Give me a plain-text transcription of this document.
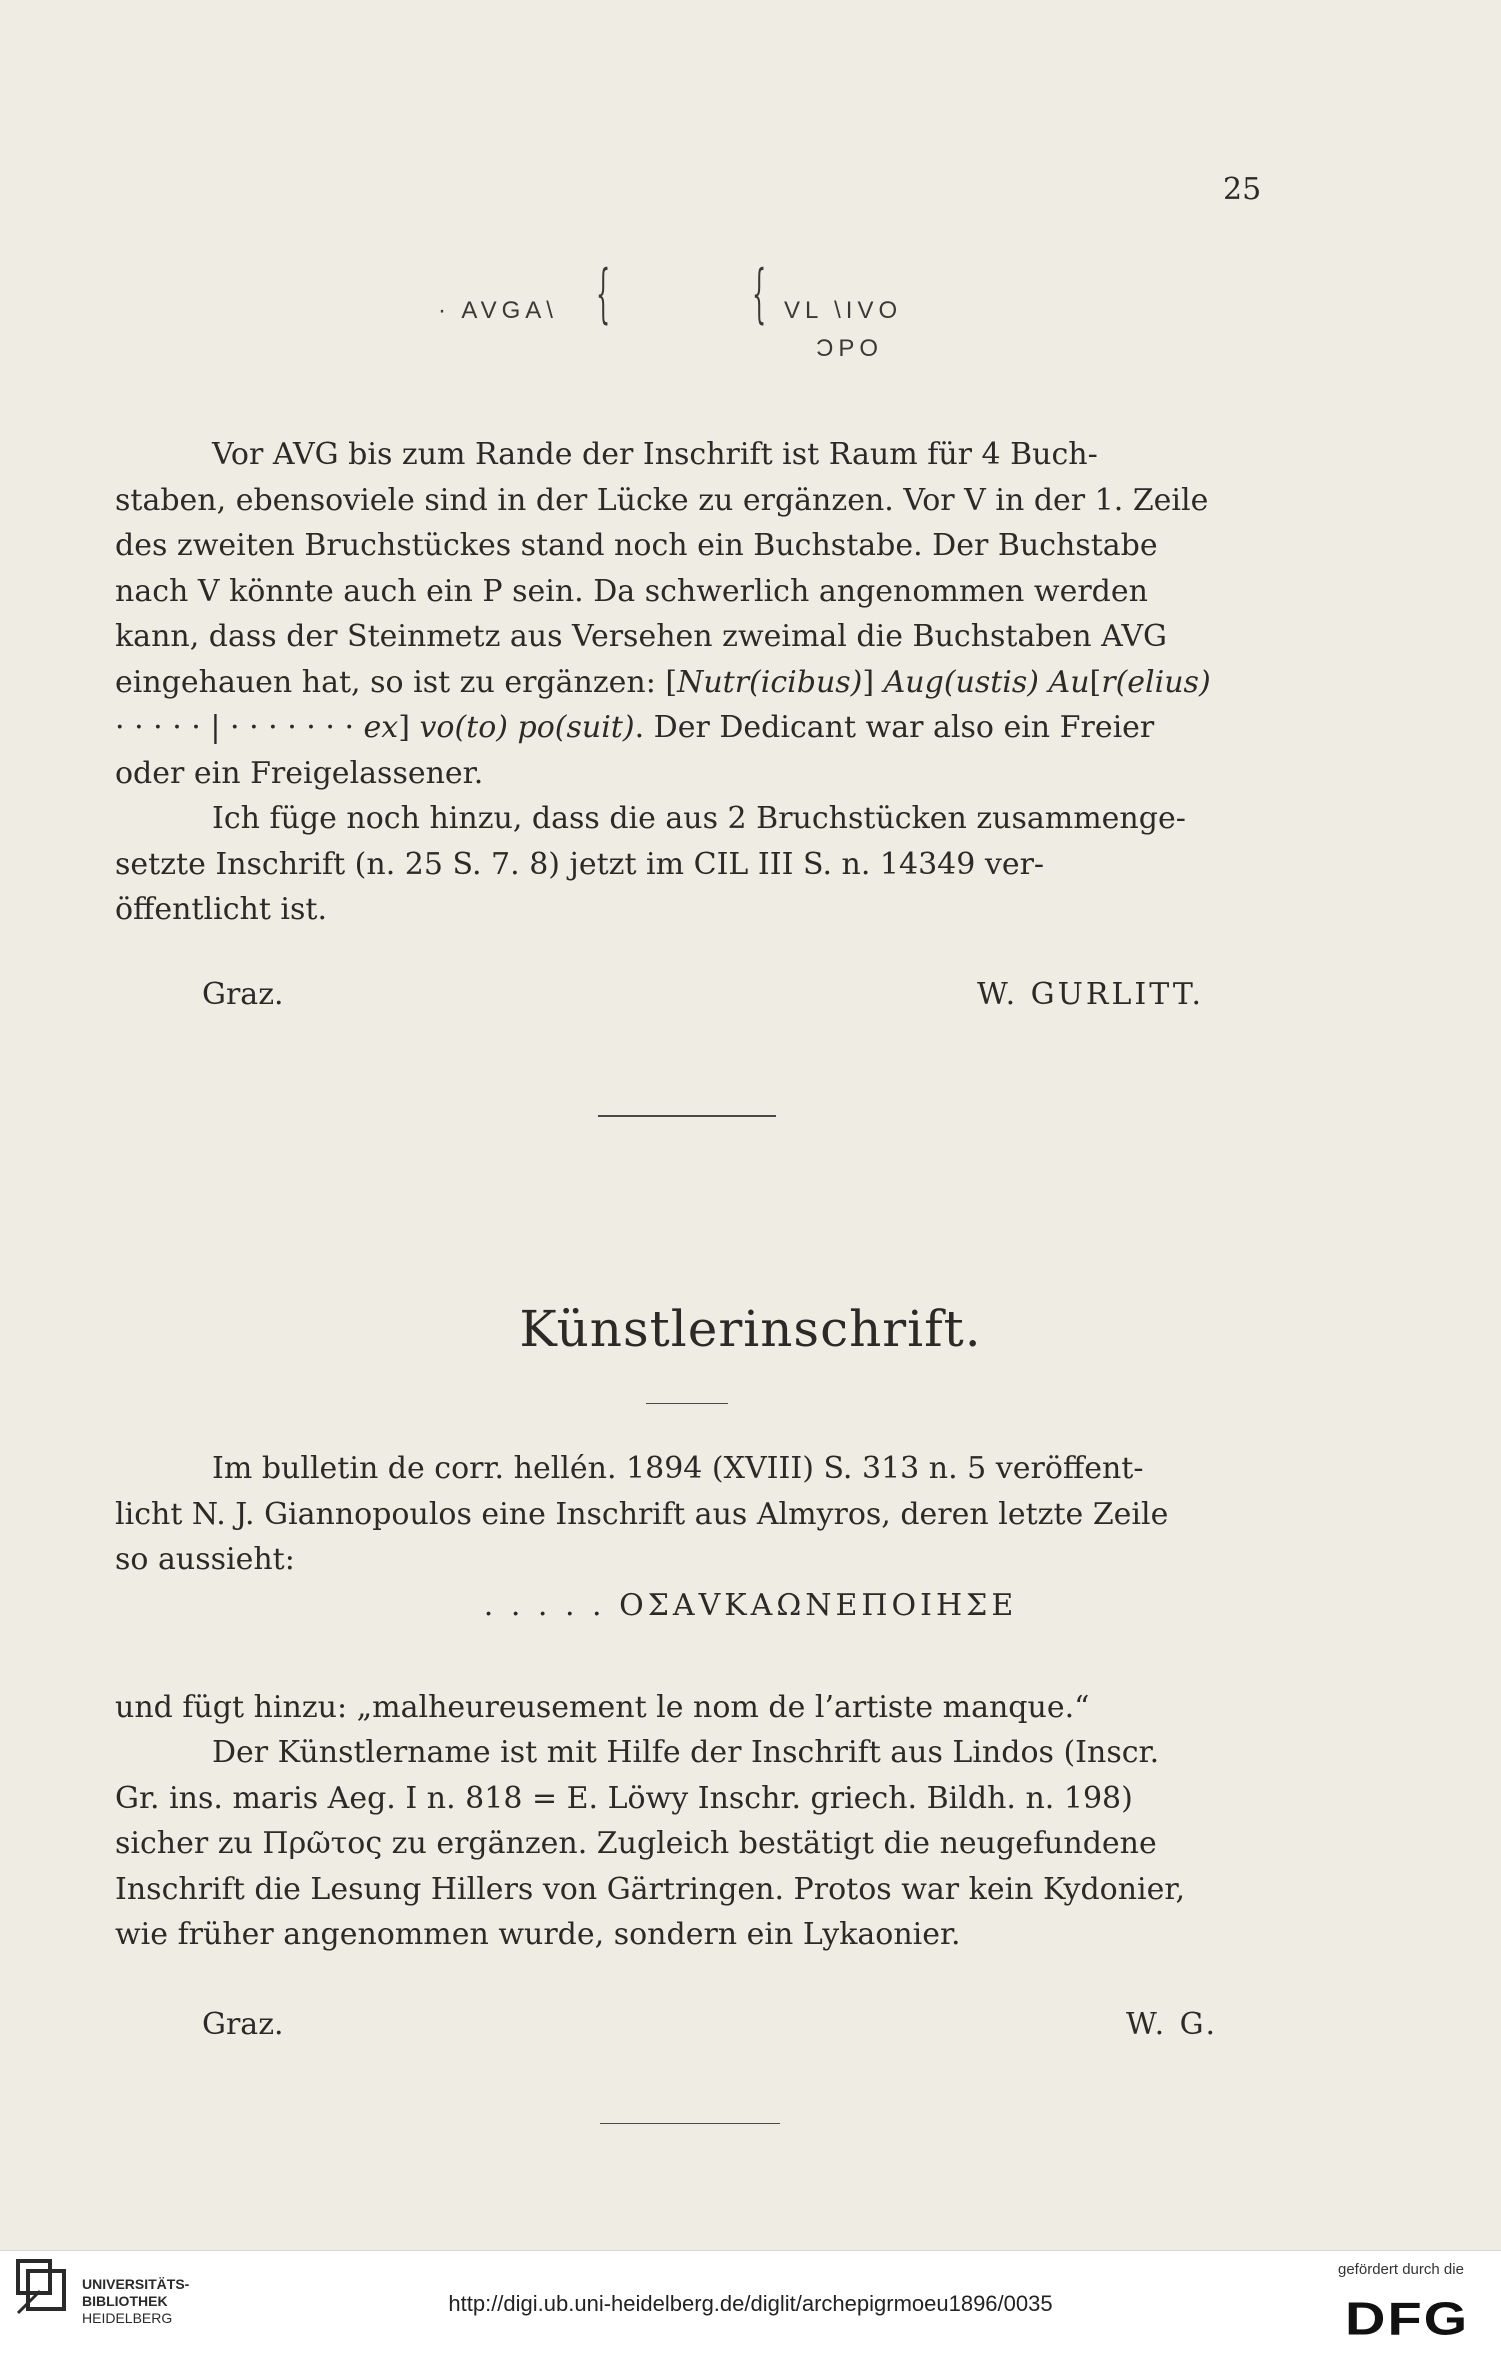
25
· AVGA\ { { VL \IVO
ƆPO

Vor AVG bis zum Rande der Inschrift ist Raum für 4 Buch-

staben, ebensoviele sind in der Lücke zu ergänzen. Vor V in der 1. Zeile

des zweiten Bruchstückes stand noch ein Buchstabe. Der Buchstabe

nach V könnte auch ein P sein. Da schwerlich angenommen werden

kann, dass der Steinmetz aus Versehen zweimal die Buchstaben AVG

eingehauen hat, so ist zu ergänzen: [Nutr(icibus)] Aug(ustis) Au[r(elius)

· · · · · | · · · · · · · ex] vo(to) po(suit). Der Dedicant war also ein Freier

oder ein Freigelassener.

Ich füge noch hinzu, dass die aus 2 Bruchstücken zusammenge-

setzte Inschrift (n. 25 S. 7. 8) jetzt im CIL III S. n. 14349 ver-

öffentlicht ist.

Graz.	W. GURLITT.
Künstlerinschrift.

Im bulletin de corr. hellén. 1894 (XVIII) S. 313 n. 5 veröffent-

licht N. J. Giannopoulos eine Inschrift aus Almyros, deren letzte Zeile

so aussieht:

. . . . . ΟΣΑVΚΑΩΝΕΠΟΙΗΣΕ

und fügt hinzu: „malheureusement le nom de l’artiste manque.“

Der Künstlername ist mit Hilfe der Inschrift aus Lindos (Inscr.

Gr. ins. maris Aeg. I n. 818 = E. Löwy Inschr. griech. Bildh. n. 198)

sicher zu Πρῶτος zu ergänzen. Zugleich bestätigt die neugefundene

Inschrift die Lesung Hillers von Gärtringen. Protos war kein Kydonier,

wie früher angenommen wurde, sondern ein Lykaonier.

Graz.	W. G.
UNIVERSITÄTS-
BIBLIOTHEK
HEIDELBERG
http://digi.ub.uni-heidelberg.de/diglit/archepigrmoeu1896/0035
gefördert durch die
DFG
